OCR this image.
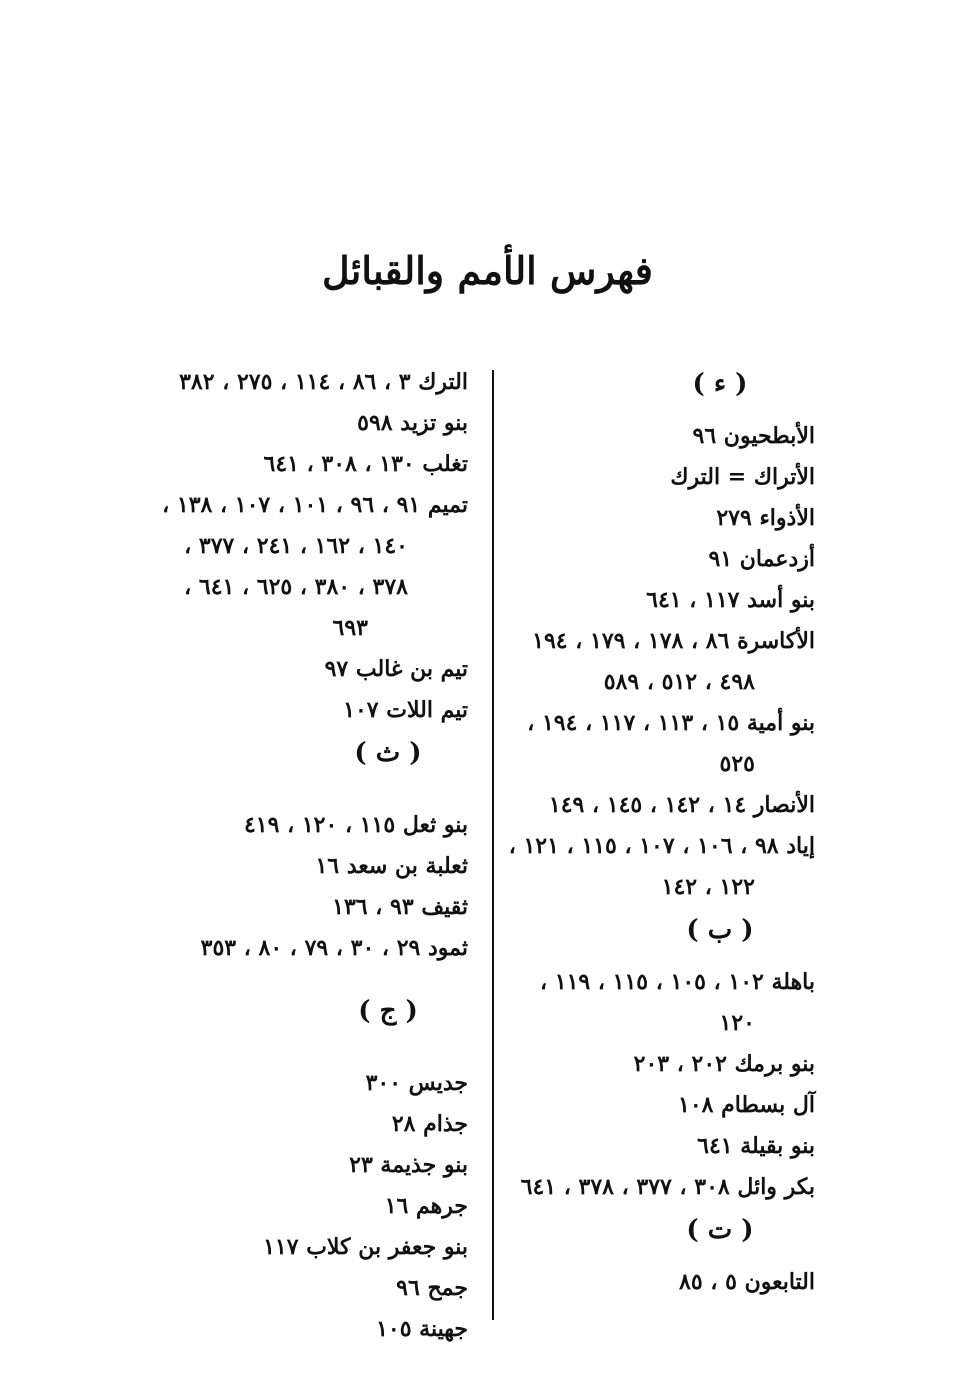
فهرس الأمم والقبائل
( ء )
الأبطحيون ٩٦
الأتراك = الترك
الأذواء ٢٧٩
أزدعمان ٩١
بنو أسد ١١٧ ، ٦٤١
الأكاسرة ٨٦ ، ١٧٨ ، ١٧٩ ، ١٩٤
٤٩٨ ، ٥١٢ ، ٥٨٩
بنو أمية ١٥ ، ١١٣ ، ١١٧ ، ١٩٤ ،
٥٢٥
الأنصار ١٤ ، ١٤٢ ، ١٤٥ ، ١٤٩
إياد ٩٨ ، ١٠٦ ، ١٠٧ ، ١١٥ ، ١٢١ ،
١٢٢ ، ١٤٢
( ب )
باهلة ١٠٢ ، ١٠٥ ، ١١٥ ، ١١٩ ،
١٢٠
بنو برمك ٢٠٢ ، ٢٠٣
آل بسطام ١٠٨
بنو بقيلة ٦٤١
بكر وائل ٣٠٨ ، ٣٧٧ ، ٣٧٨ ، ٦٤١
( ت )
التابعون ٥ ، ٨٥
الترك ٣ ، ٨٦ ، ١١٤ ، ٢٧٥ ، ٣٨٢
بنو تزيد ٥٩٨
تغلب ١٣٠ ، ٣٠٨ ، ٦٤١
تميم ٩١ ، ٩٦ ، ١٠١ ، ١٠٧ ، ١٣٨ ،
١٤٠ ، ١٦٢ ، ٢٤١ ، ٣٧٧ ،
٣٧٨ ، ٣٨٠ ، ٦٢٥ ، ٦٤١ ،
٦٩٣
تيم بن غالب ٩٧
تيم اللات ١٠٧
( ث )
بنو ثعل ١١٥ ، ١٢٠ ، ٤١٩
ثعلبة بن سعد ١٦
ثقيف ٩٣ ، ١٣٦
ثمود ٢٩ ، ٣٠ ، ٧٩ ، ٨٠ ، ٣٥٣
( ج )
جديس ٣٠٠
جذام ٢٨
بنو جذيمة ٢٣
جرهم ١٦
بنو جعفر بن كلاب ١١٧
جمح ٩٦
جهينة ١٠٥
